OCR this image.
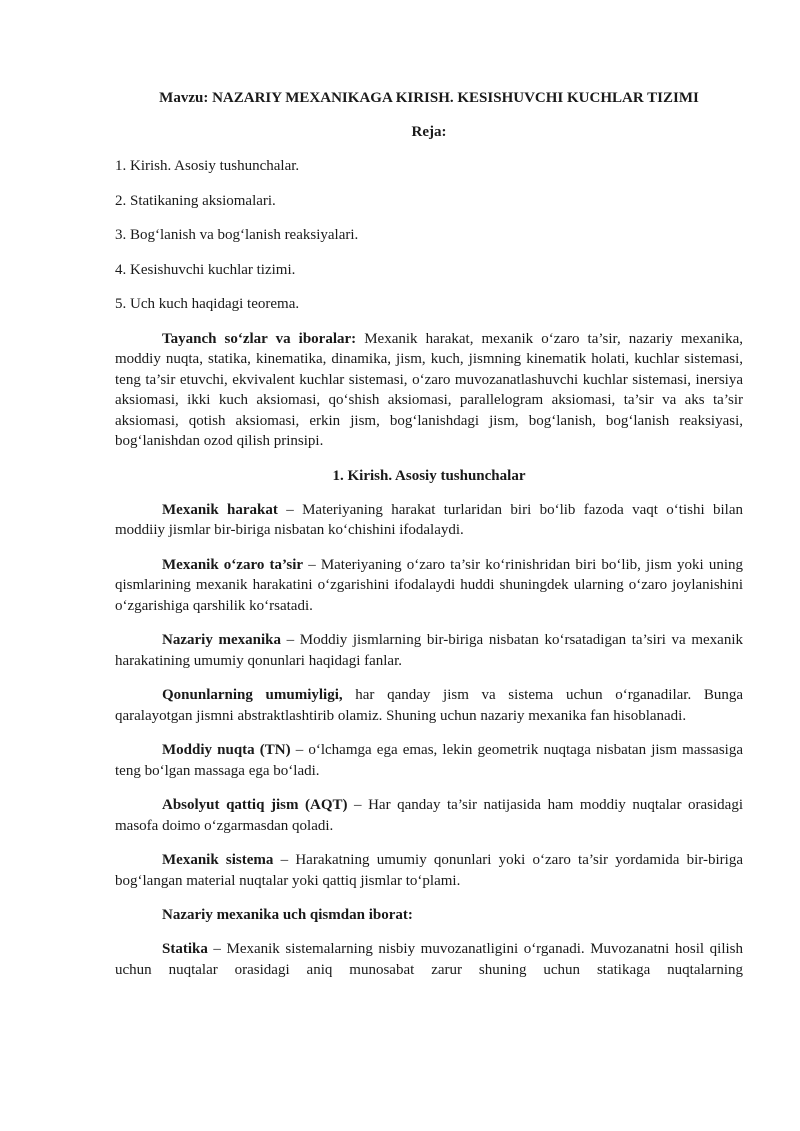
Mavzu: NAZARIY MEXANIKAGA KIRISH. KESISHUVCHI KUCHLAR TIZIMI
Reja:
1. Kirish. Asosiy tushunchalar.
2. Statikaning aksiomalari.
3. Bog‘lanish va bog‘lanish reaksiyalari.
4. Kesishuvchi kuchlar tizimi.
5. Uch kuch haqidagi teorema.

Tayanch so‘zlar va iboralar: Mexanik harakat, mexanik o‘zaro ta’sir, nazariy mexanika, moddiy nuqta, statika, kinematika, dinamika, jism, kuch, jismning kinematik holati, kuchlar sistemasi, teng ta’sir etuvchi, ekvivalent kuchlar sistemasi, o‘zaro muvozanatlashuvchi kuchlar sistemasi, inersiya aksiomasi, ikki kuch aksiomasi, qo‘shish aksiomasi, parallelogram aksiomasi, ta’sir va aks ta’sir aksiomasi, qotish aksiomasi, erkin jism, bog‘lanishdagi jism, bog‘lanish, bog‘lanish reaksiyasi, bog‘lanishdan ozod qilish prinsipi.

1. Kirish. Asosiy tushunchalar

Mexanik harakat – Materiyaning harakat turlaridan biri bo‘lib fazoda vaqt o‘tishi bilan moddiiy jismlar bir-biriga nisbatan ko‘chishini ifodalaydi.

Mexanik o‘zaro ta’sir – Materiyaning o‘zaro ta’sir ko‘rinishridan biri bo‘lib, jism yoki uning qismlarining mexanik harakatini o‘zgarishini ifodalaydi huddi shuningdek ularning o‘zaro joylanishini o‘zgarishiga qarshilik ko‘rsatadi.

Nazariy mexanika – Moddiy jismlarning bir-biriga nisbatan ko‘rsatadigan ta’siri va mexanik harakatining umumiy qonunlari haqidagi fanlar.

Qonunlarning umumiyligi, har qanday jism va sistema uchun o‘rganadilar. Bunga qaralayotgan jismni abstraktlashtirib olamiz. Shuning uchun nazariy mexanika fan hisoblanadi.

Moddiy nuqta (TN) – o‘lchamga ega emas, lekin geometrik nuqtaga nisbatan jism massasiga teng bo‘lgan massaga ega bo‘ladi.

Absolyut qattiq jism (AQT) – Har qanday ta’sir natijasida ham moddiy nuqtalar orasidagi masofa doimo o‘zgarmasdan qoladi.

Mexanik sistema – Harakatning umumiy qonunlari yoki o‘zaro ta’sir yordamida bir-biriga bog‘langan material nuqtalar yoki qattiq jismlar to‘plami.

Nazariy mexanika uch qismdan iborat:

Statika – Mexanik sistemalarning nisbiy muvozanatligini o‘rganadi. Muvozanatni hosil qilish uchun nuqtalar orasidagi aniq munosabat zarur shuning uchun statikaga nuqtalarning
